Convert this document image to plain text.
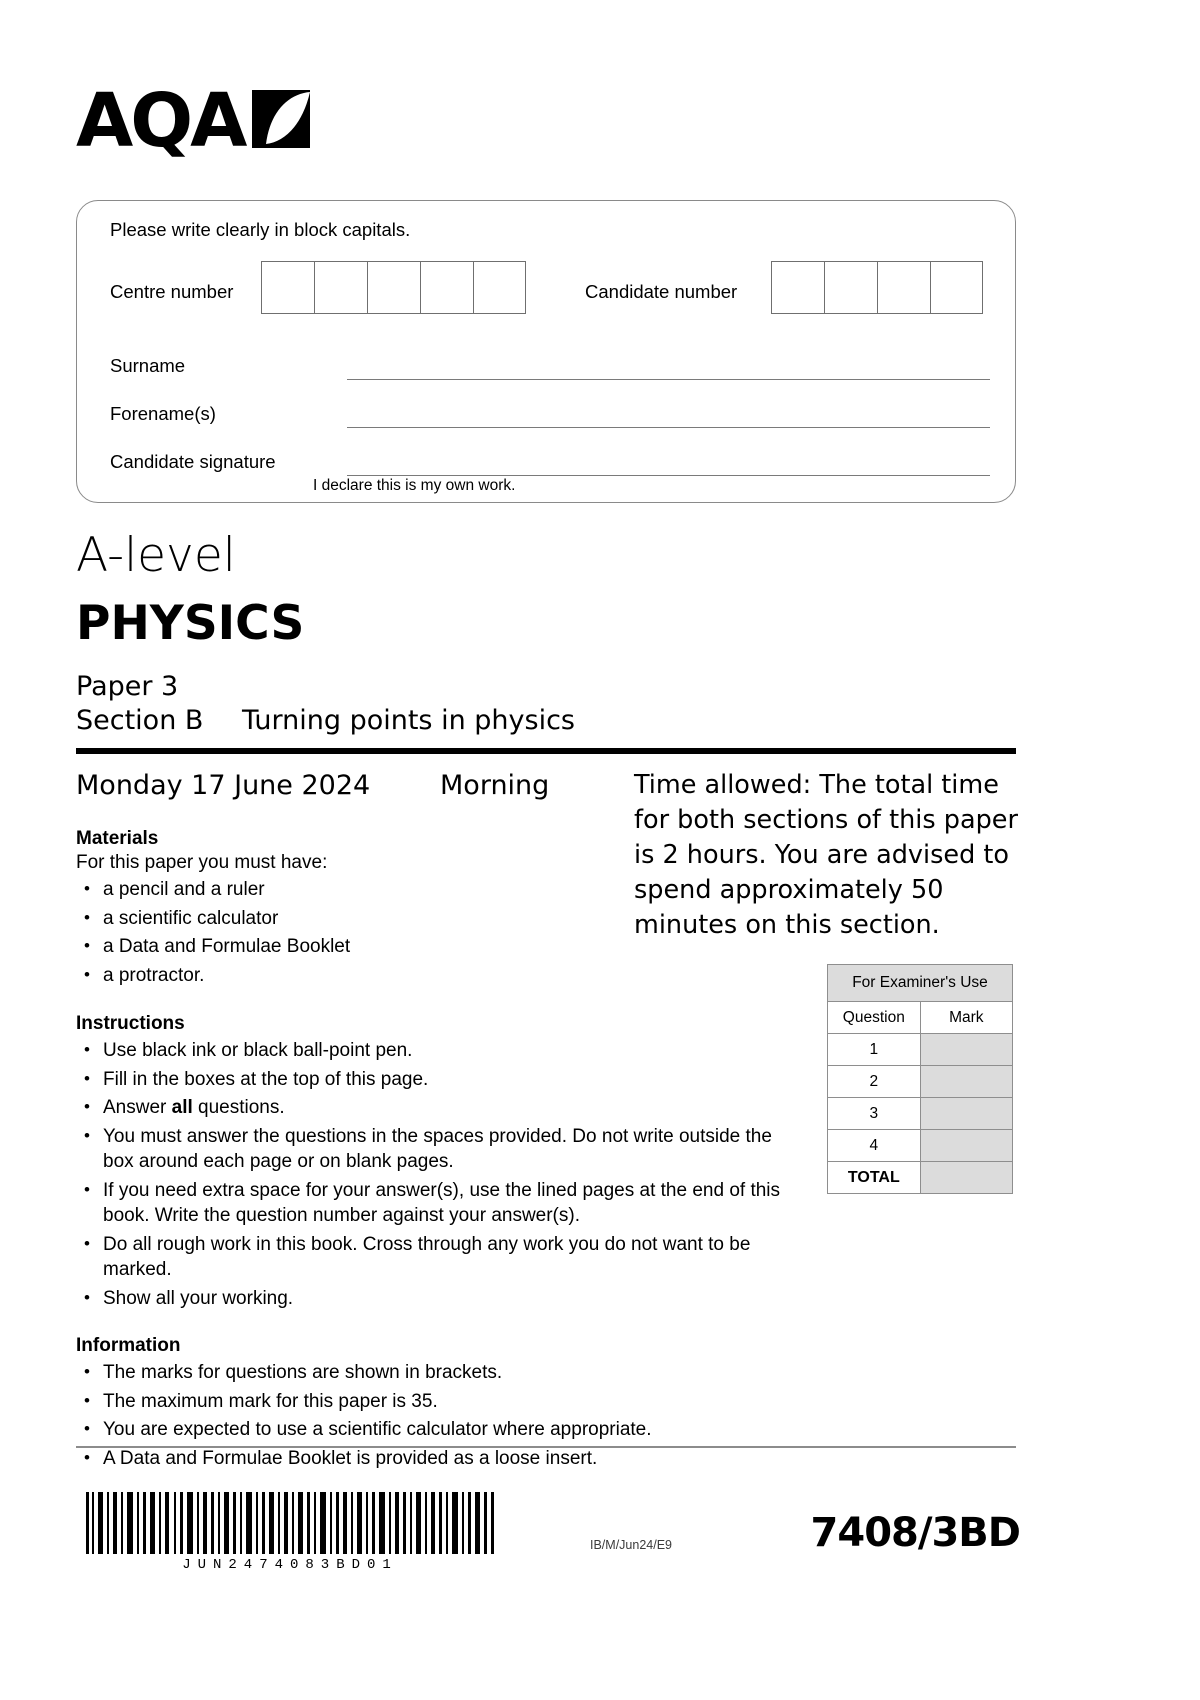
AQA
Please write clearly in block capitals.
Centre number	Candidate number
Surname
Forename(s)
Candidate signature
I declare this is my own work.
A-level
PHYSICS
Paper 3
Section B	Turning points in physics
Monday 17 June 2024	Morning	Time allowed: The total time for both sections of this paper is 2 hours. You are advised to spend approximately 50 minutes on this section.
Materials
For this paper you must have:
• a pencil and a ruler
• a scientific calculator
• a Data and Formulae Booklet
• a protractor.
Instructions
• Use black ink or black ball-point pen.
• Fill in the boxes at the top of this page.
• Answer all questions.
• You must answer the questions in the spaces provided. Do not write outside the box around each page or on blank pages.
• If you need extra space for your answer(s), use the lined pages at the end of this book. Write the question number against your answer(s).
• Do all rough work in this book. Cross through any work you do not want to be marked.
• Show all your working.
Information
• The marks for questions are shown in brackets.
• The maximum mark for this paper is 35.
• You are expected to use a scientific calculator where appropriate.
• A Data and Formulae Booklet is provided as a loose insert.
For Examiner's Use	
Question	Mark
1	
2	
3	
4	
TOTAL	
JUN2474083BD01
IB/M/Jun24/E9	7408/3BD
